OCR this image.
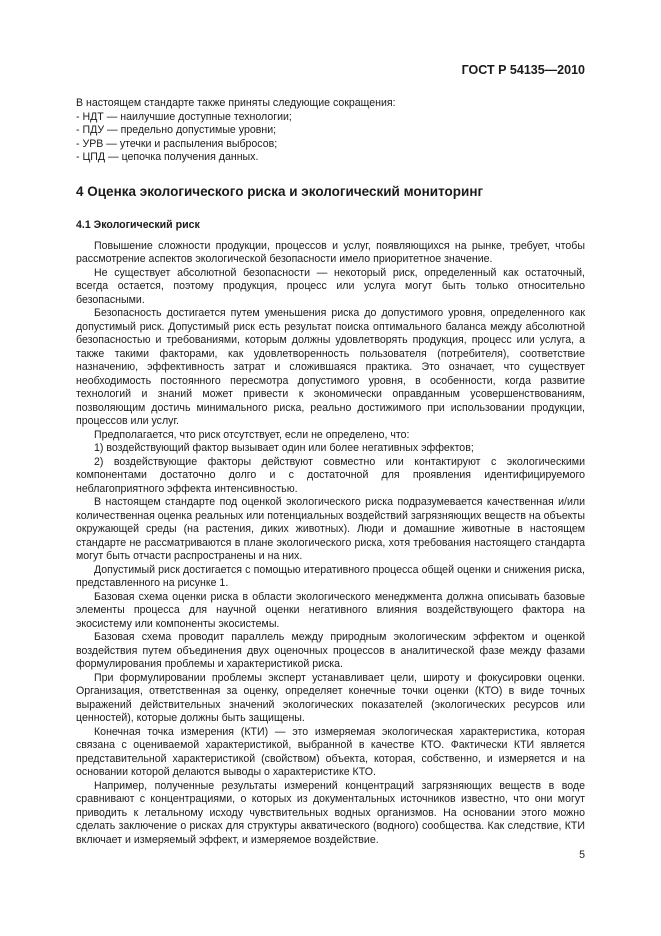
ГОСТ Р 54135—2010

В настоящем стандарте также приняты следующие сокращения:

- НДТ — наилучшие доступные технологии;
- ПДУ — предельно допустимые уровни;
- УРВ — утечки и распыления выбросов;
- ЦПД — цепочка получения данных.
4 Оценка экологического риска и экологический мониторинг
4.1 Экологический риск

Повышение сложности продукции, процессов и услуг, появляющихся на рынке, требует, чтобы рассмотрение аспектов экологической безопасности имело приоритетное значение.

Не существует абсолютной безопасности — некоторый риск, определенный как остаточный, всегда остается, поэтому продукция, процесс или услуга могут быть только относительно безопасными.

Безопасность достигается путем уменьшения риска до допустимого уровня, определенного как допустимый риск. Допустимый риск есть результат поиска оптимального баланса между абсолютной безопасностью и требованиями, которым должны удовлетворять продукция, процесс или услуга, а также такими факторами, как удовлетворенность пользователя (потребителя), соответствие назначению, эффективность затрат и сложившаяся практика. Это означает, что существует необходимость постоянного пересмотра допустимого уровня, в особенности, когда развитие технологий и знаний может привести к экономически оправданным усовершенствованиям, позволяющим достичь минимального риска, реально достижимого при использовании продукции, процессов или услуг.

Предполагается, что риск отсутствует, если не определено, что:

1) воздействующий фактор вызывает один или более негативных эффектов;

2) воздействующие факторы действуют совместно или контактируют с экологическими компонентами достаточно долго и с достаточной для проявления идентифицируемого неблагоприятного эффекта интенсивностью.

В настоящем стандарте под оценкой экологического риска подразумевается качественная и/или количественная оценка реальных или потенциальных воздействий загрязняющих веществ на объекты окружающей среды (на растения, диких животных). Люди и домашние животные в настоящем стандарте не рассматриваются в плане экологического риска, хотя требования настоящего стандарта могут быть отчасти распространены и на них.

Допустимый риск достигается с помощью итеративного процесса общей оценки и снижения риска, представленного на рисунке 1.

Базовая схема оценки риска в области экологического менеджмента должна описывать базовые элементы процесса для научной оценки негативного влияния воздействующего фактора на экосистему или компоненты экосистемы.

Базовая схема проводит параллель между природным экологическим эффектом и оценкой воздействия путем объединения двух оценочных процессов в аналитической фазе между фазами формулирования проблемы и характеристикой риска.

При формулировании проблемы эксперт устанавливает цели, широту и фокусировки оценки. Организация, ответственная за оценку, определяет конечные точки оценки (КТО) в виде точных выражений действительных значений экологических показателей (экологических ресурсов или ценностей), которые должны быть защищены.

Конечная точка измерения (КТИ) — это измеряемая экологическая характеристика, которая связана с оцениваемой характеристикой, выбранной в качестве КТО. Фактически КТИ является представительной характеристикой (свойством) объекта, которая, собственно, и измеряется и на основании которой делаются выводы о характеристике КТО.

Например, полученные результаты измерений концентраций загрязняющих веществ в воде сравнивают с концентрациями, о которых из документальных источников известно, что они могут приводить к летальному исходу чувствительных водных организмов. На основании этого можно сделать заключение о рисках для структуры акватического (водного) сообщества. Как следствие, КТИ включает и измеряемый эффект, и измеряемое воздействие.

5
